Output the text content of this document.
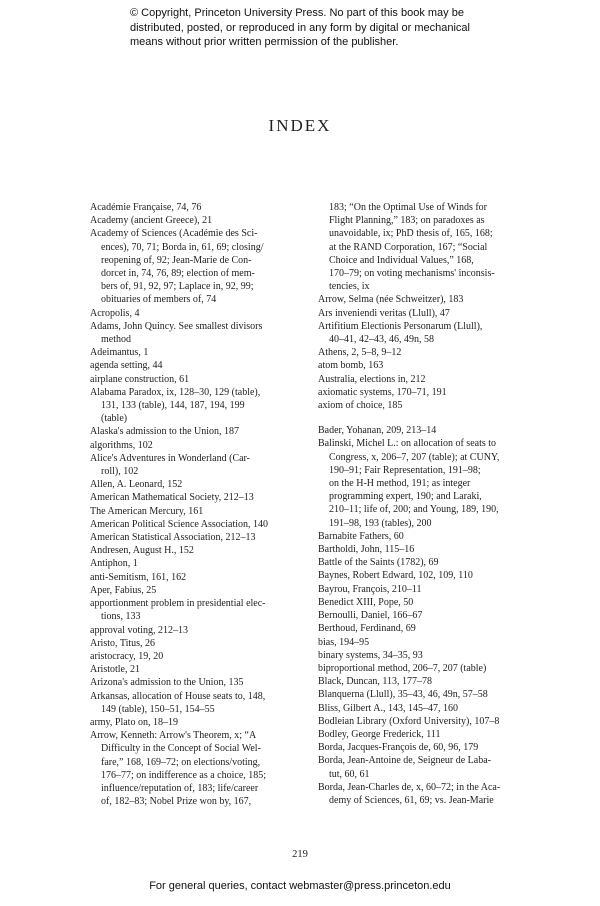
© Copyright, Princeton University Press. No part of this book may be
distributed, posted, or reproduced in any form by digital or mechanical
means without prior written permission of the publisher.
INDEX
Académie Française, 74, 76
Academy (ancient Greece), 21
Academy of Sciences (Académie des Sci-
ences), 70, 71; Borda in, 61, 69; closing/
reopening of, 92; Jean-Marie de Con-
dorcet in, 74, 76, 89; election of mem-
bers of, 91, 92, 97; Laplace in, 92, 99;
obituaries of members of, 74
Acropolis, 4
Adams, John Quincy. See smallest divisors
method
Adeimantus, 1
agenda setting, 44
airplane construction, 61
Alabama Paradox, ix, 128–30, 129 (table),
131, 133 (table), 144, 187, 194, 199
(table)
Alaska's admission to the Union, 187
algorithms, 102
Alice's Adventures in Wonderland (Car-
roll), 102
Allen, A. Leonard, 152
American Mathematical Society, 212–13
The American Mercury, 161
American Political Science Association, 140
American Statistical Association, 212–13
Andresen, August H., 152
Antiphon, 1
anti-Semitism, 161, 162
Aper, Fabius, 25
apportionment problem in presidential elec-
tions, 133
approval voting, 212–13
Aristo, Titus, 26
aristocracy, 19, 20
Aristotle, 21
Arizona's admission to the Union, 135
Arkansas, allocation of House seats to, 148,
149 (table), 150–51, 154–55
army, Plato on, 18–19
Arrow, Kenneth: Arrow's Theorem, x; “A
Difficulty in the Concept of Social Wel-
fare,” 168, 169–72; on elections/voting,
176–77; on indifference as a choice, 185;
influence/reputation of, 183; life/career
of, 182–83; Nobel Prize won by, 167,
183; “On the Optimal Use of Winds for
Flight Planning,” 183; on paradoxes as
unavoidable, ix; PhD thesis of, 165, 168;
at the RAND Corporation, 167; “Social
Choice and Individual Values,” 168,
170–79; on voting mechanisms' inconsis-
tencies, ix
Arrow, Selma (née Schweitzer), 183
Ars inveniendi veritas (Llull), 47
Artifitium Electionis Personarum (Llull),
40–41, 42–43, 46, 49n, 58
Athens, 2, 5–8, 9–12
atom bomb, 163
Australia, elections in, 212
axiomatic systems, 170–71, 191
axiom of choice, 185
Bader, Yohanan, 209, 213–14
Balinski, Michel L.: on allocation of seats to
Congress, x, 206–7, 207 (table); at CUNY,
190–91; Fair Representation, 191–98;
on the H-H method, 191; as integer
programming expert, 190; and Laraki,
210–11; life of, 200; and Young, 189, 190,
191–98, 193 (tables), 200
Barnabite Fathers, 60
Bartholdi, John, 115–16
Battle of the Saints (1782), 69
Baynes, Robert Edward, 102, 109, 110
Bayrou, François, 210–11
Benedict XIII, Pope, 50
Bernoulli, Daniel, 166–67
Berthoud, Ferdinand, 69
bias, 194–95
binary systems, 34–35, 93
biproportional method, 206–7, 207 (table)
Black, Duncan, 113, 177–78
Blanquerna (Llull), 35–43, 46, 49n, 57–58
Bliss, Gilbert A., 143, 145–47, 160
Bodleian Library (Oxford University), 107–8
Bodley, George Frederick, 111
Borda, Jacques-François de, 60, 96, 179
Borda, Jean-Antoine de, Seigneur de Laba-
tut, 60, 61
Borda, Jean-Charles de, x, 60–72; in the Aca-
demy of Sciences, 61, 69; vs. Jean-Marie
219
For general queries, contact webmaster@press.princeton.edu
